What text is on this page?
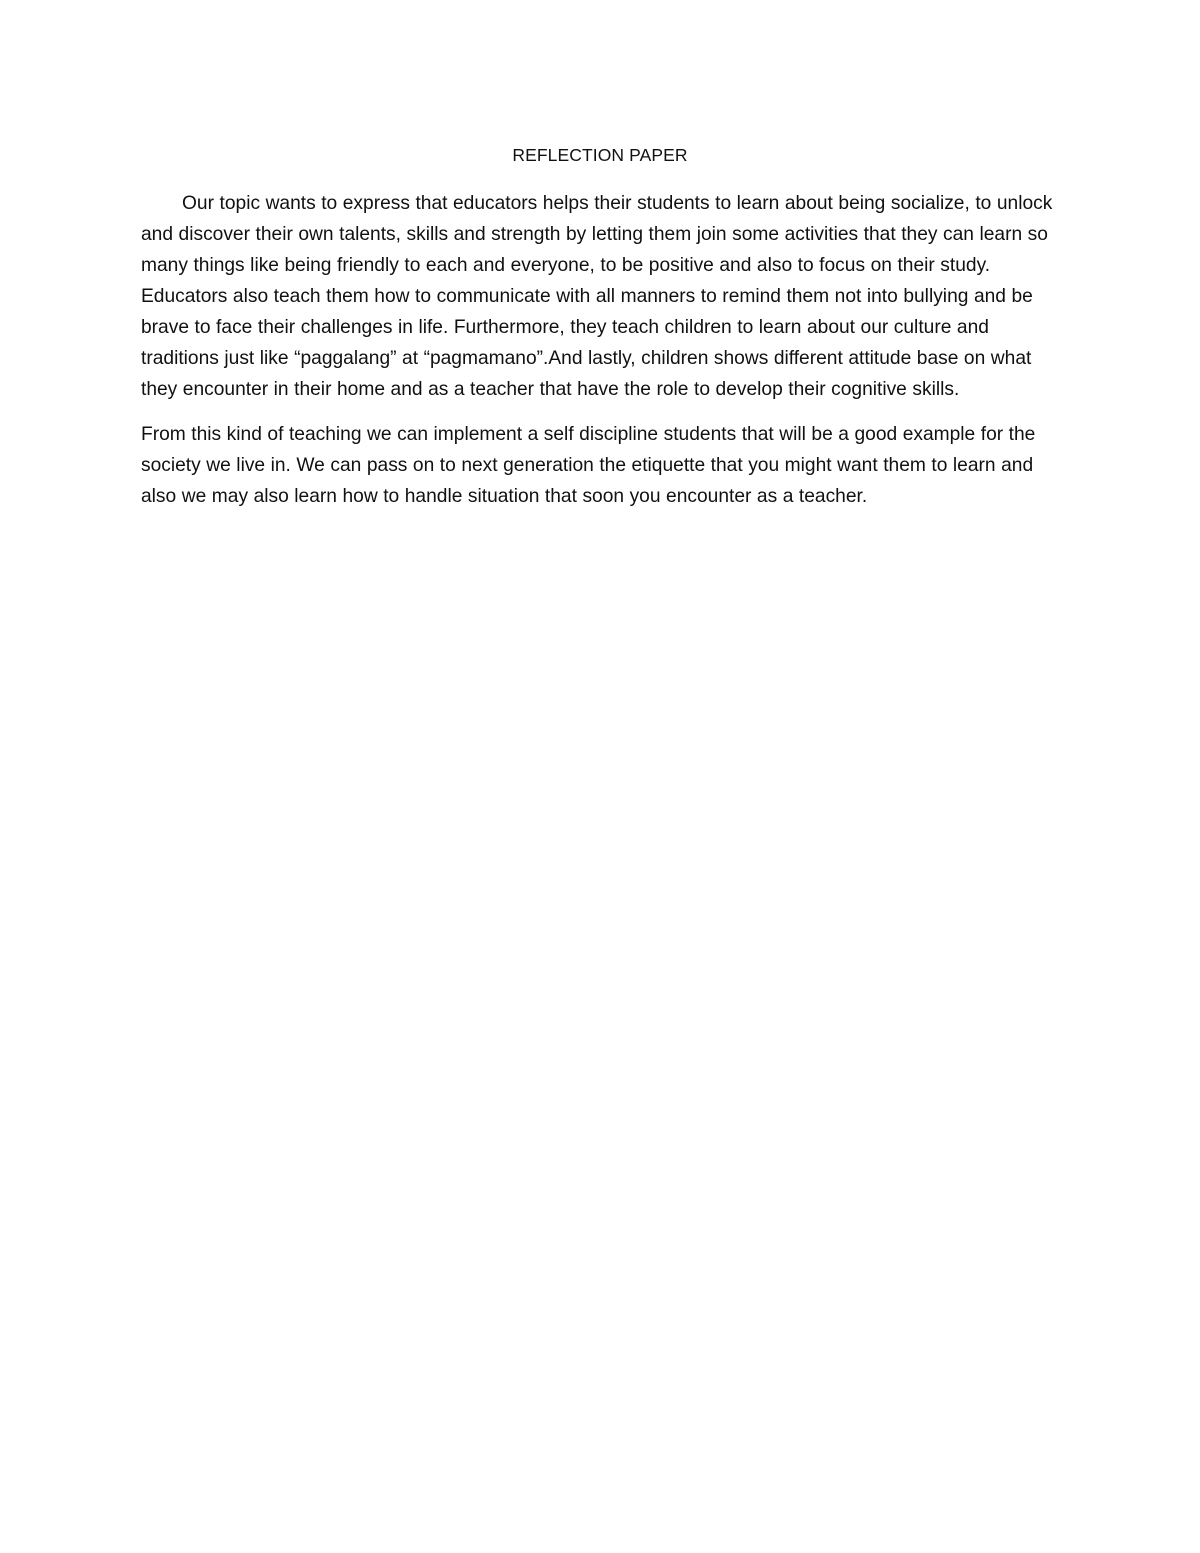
REFLECTION PAPER

Our topic wants to express that educators helps their students to learn about being socialize, to unlock and discover their own talents, skills and strength by letting them join some activities that they can learn so many things like being friendly to each and everyone, to be positive and also to focus on their study. Educators also teach them how to communicate with all manners to remind them not into bullying and be brave to face their challenges in life. Furthermore, they teach children to learn about our culture and traditions just like “paggalang” at “pagmamano”.And lastly, children shows different attitude base on what they encounter in their home and as a teacher that have the role to develop their cognitive skills.

From this kind of teaching we can implement a self discipline students that will be a good example for the society we live in. We can pass on to next generation the etiquette that you might want them to learn and also we may also learn how to handle situation that soon you encounter as a teacher.
